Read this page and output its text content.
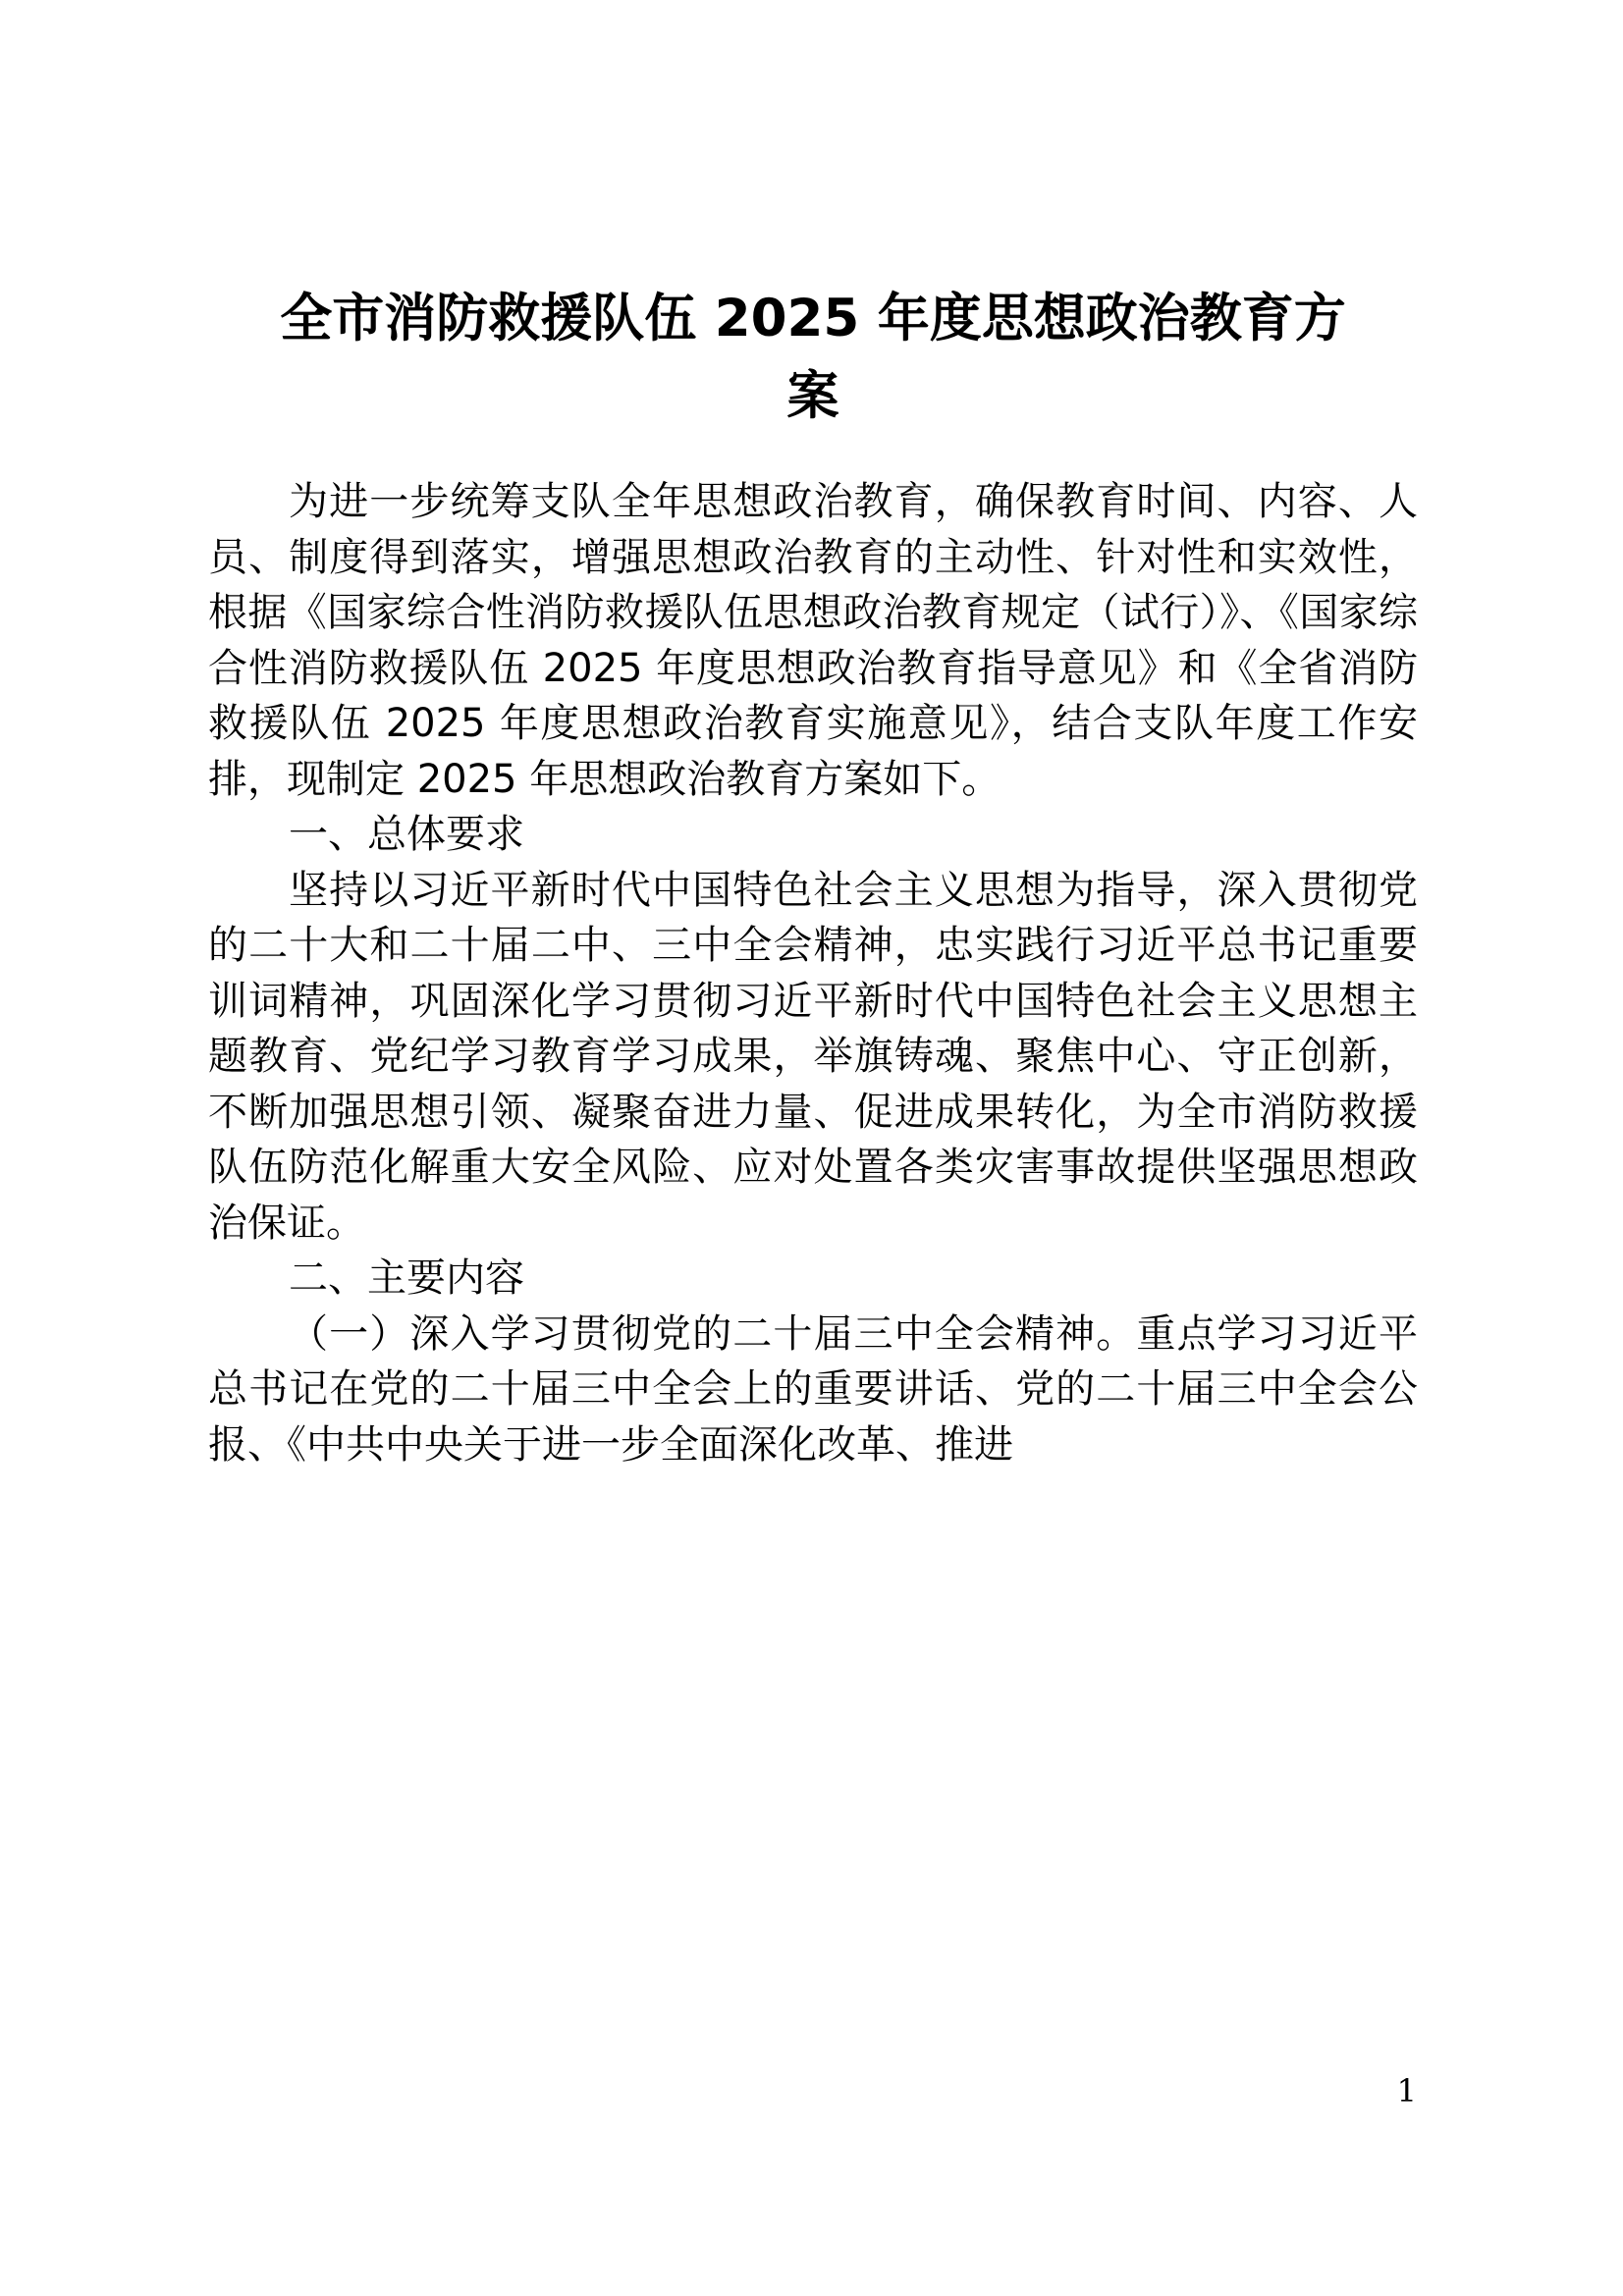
全市消防救援队伍 2025 年度思想政治教育方
案

为进一步统筹支队全年思想政治教育，确保教育时间、内容、人员、制度得到落实，增强思想政治教育的主动性、针对性和实效性，根据《国家综合性消防救援队伍思想政治教育规定（试行）》、《国家综合性消防救援队伍 2025 年度思想政治教育指导意见》和《全省消防救援队伍 2025 年度思想政治教育实施意见》，结合支队年度工作安排，现制定 2025 年思想政治教育方案如下。

一、总体要求

坚持以习近平新时代中国特色社会主义思想为指导，深入贯彻党的二十大和二十届二中、三中全会精神，忠实践行习近平总书记重要训词精神，巩固深化学习贯彻习近平新时代中国特色社会主义思想主题教育、党纪学习教育学习成果，举旗铸魂、聚焦中心、守正创新，不断加强思想引领、凝聚奋进力量、促进成果转化，为全市消防救援队伍防范化解重大安全风险、应对处置各类灾害事故提供坚强思想政治保证。

二、主要内容

（一）深入学习贯彻党的二十届三中全会精神。重点学习习近平总书记在党的二十届三中全会上的重要讲话、党的二十届三中全会公报、《中共中央关于进一步全面深化改革、推进

1
